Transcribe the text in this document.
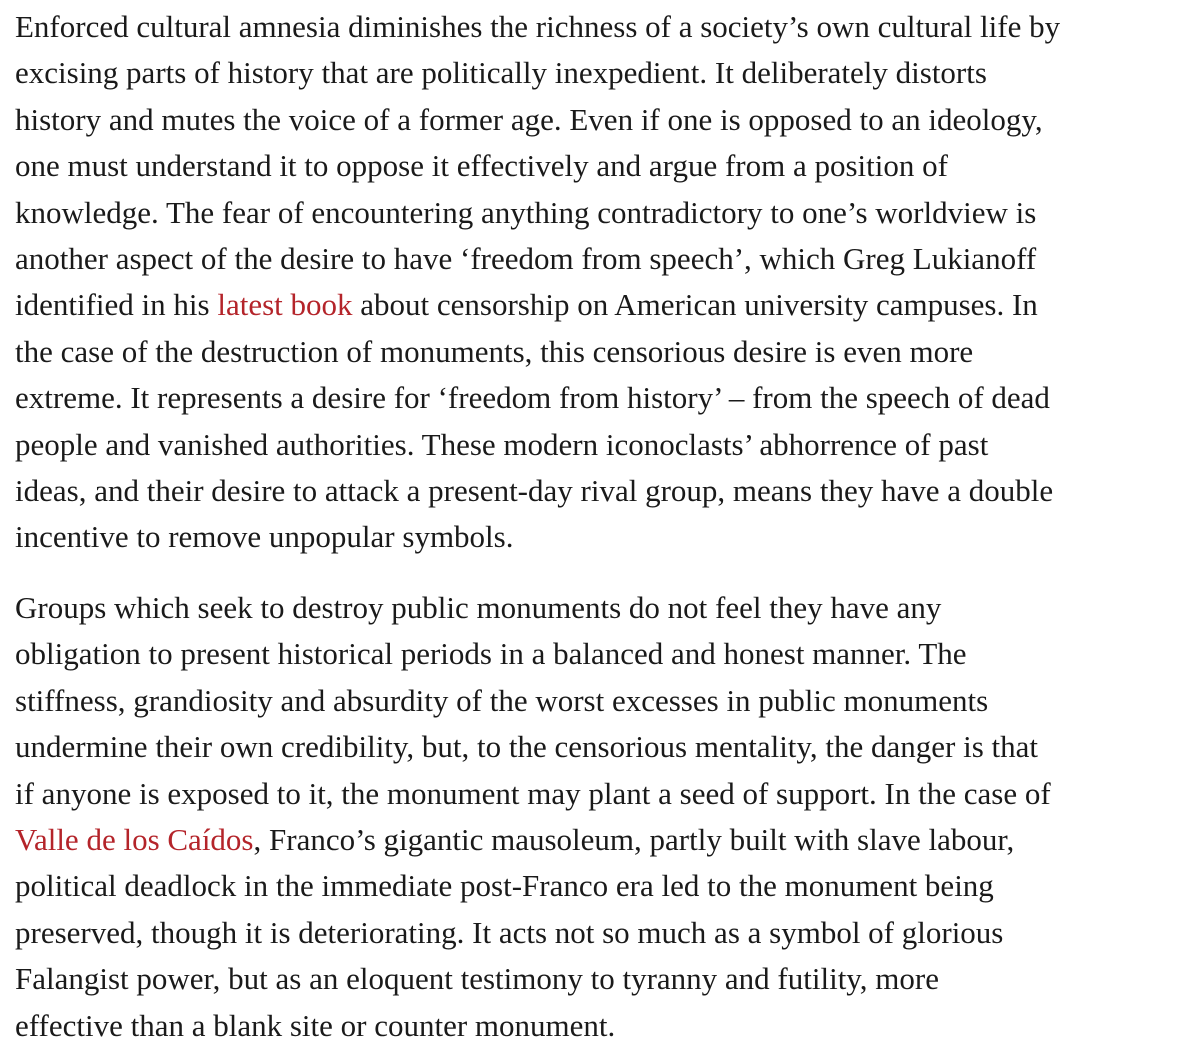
Enforced cultural amnesia diminishes the richness of a society’s own cultural life by
excising parts of history that are politically inexpedient. It deliberately distorts
history and mutes the voice of a former age. Even if one is opposed to an ideology,
one must understand it to oppose it effectively and argue from a position of
knowledge. The fear of encountering anything contradictory to one’s worldview is
another aspect of the desire to have ‘freedom from speech’, which Greg Lukianoff
identified in his latest book about censorship on American university campuses. In
the case of the destruction of monuments, this censorious desire is even more
extreme. It represents a desire for ‘freedom from history’ – from the speech of dead
people and vanished authorities. These modern iconoclasts’ abhorrence of past
ideas, and their desire to attack a present-day rival group, means they have a double
incentive to remove unpopular symbols.

Groups which seek to destroy public monuments do not feel they have any
obligation to present historical periods in a balanced and honest manner. The
stiffness, grandiosity and absurdity of the worst excesses in public monuments
undermine their own credibility, but, to the censorious mentality, the danger is that
if anyone is exposed to it, the monument may plant a seed of support. In the case of
Valle de los Caídos, Franco’s gigantic mausoleum, partly built with slave labour,
political deadlock in the immediate post-Franco era led to the monument being
preserved, though it is deteriorating. It acts not so much as a symbol of glorious
Falangist power, but as an eloquent testimony to tyranny and futility, more
effective than a blank site or counter monument.
